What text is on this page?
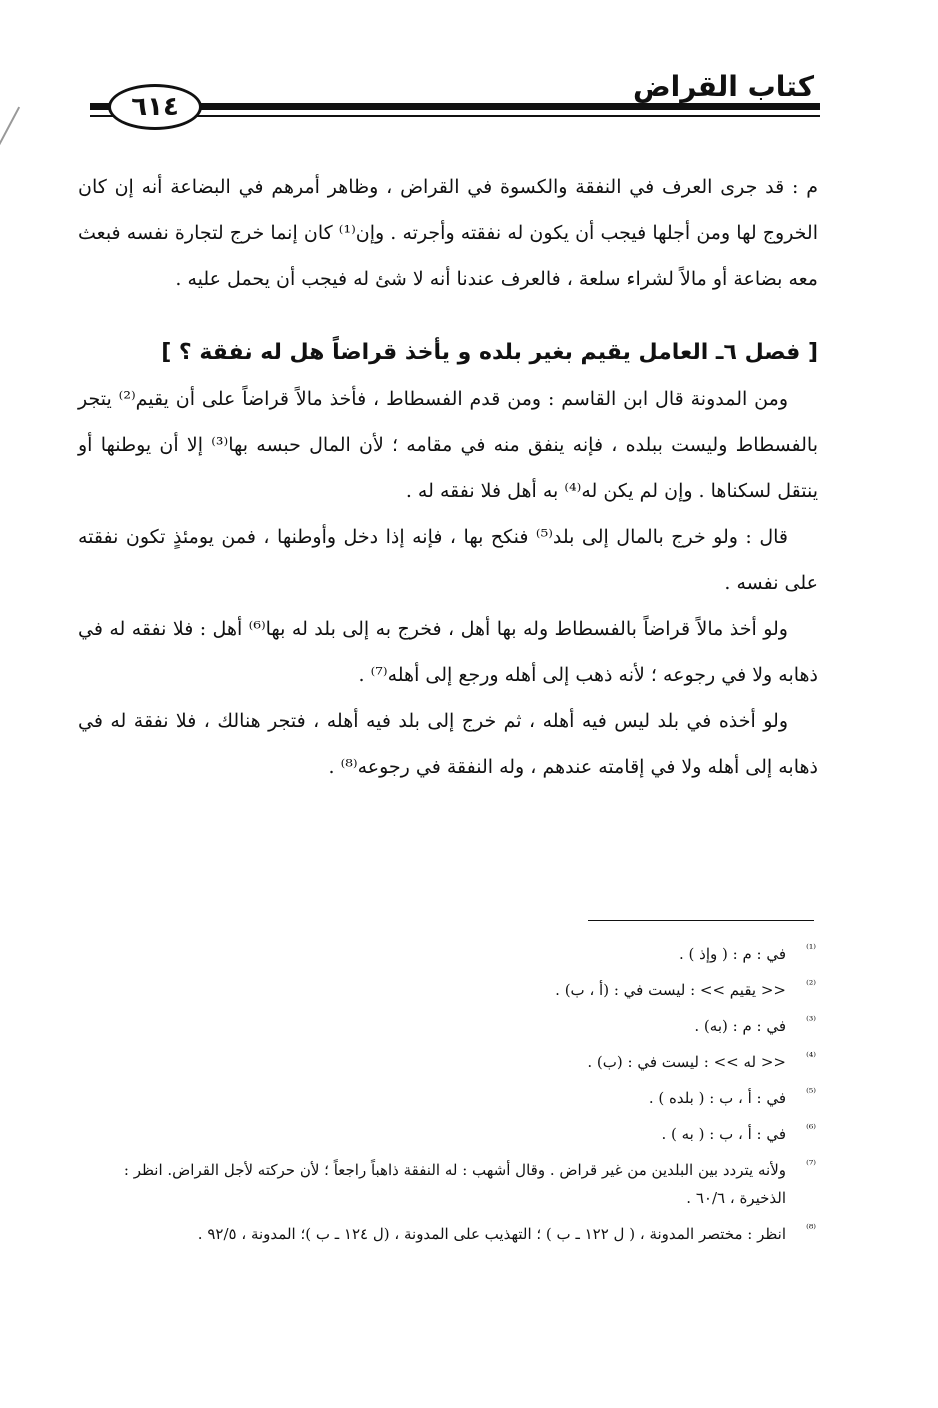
كتاب القراض
٦١٤

م : قد جرى العرف في النفقة والكسوة في القراض ، وظاهر أمرهم في البضاعة أنه إن كان الخروج لها ومن أجلها فيجب أن يكون له نفقته وأجرته . وإن⁽¹⁾ كان إنما خرج لتجارة نفسه فبعث معه بضاعة أو مالاً لشراء سلعة ، فالعرف عندنا أنه لا شئ له فيجب أن يحمل عليه .

[ فصل ٦ـ العامل يقيم بغير بلده و يأخذ قراضاً هل له نفقة ؟ ]

ومن المدونة قال ابن القاسم : ومن قدم الفسطاط ، فأخذ مالاً قراضاً على أن يقيم⁽²⁾ يتجر بالفسطاط وليست ببلده ، فإنه ينفق منه في مقامه ؛ لأن المال حبسه بها⁽³⁾ إلا أن يوطنها أو ينتقل لسكناها . وإن لم يكن له⁽⁴⁾ به أهل فلا نفقه له .

قال : ولو خرج بالمال إلى بلد⁽⁵⁾ فنكح بها ، فإنه إذا دخل وأوطنها ، فمن يومئذٍ تكون نفقته على نفسه .

ولو أخذ مالاً قراضاً بالفسطاط وله بها أهل ، فخرج به إلى بلد له بها⁽⁶⁾ أهل : فلا نفقه له في ذهابه ولا في رجوعه ؛ لأنه ذهب إلى أهله ورجع إلى أهله⁽⁷⁾ .

ولو أخذه في بلد ليس فيه أهله ، ثم خرج إلى بلد فيه أهله ، فتجر هنالك ، فلا نفقة له في ذهابه إلى أهله ولا في إقامته عندهم ، وله النفقة في رجوعه⁽⁸⁾ .

⁽¹⁾
في : م : ( وإذ ) .
⁽²⁾
<< يقيم >> : ليست في : (أ ، ب) .
⁽³⁾
في : م : (به) .
⁽⁴⁾
<< له >> : ليست في : (ب) .
⁽⁵⁾
في : أ ، ب : ( بلده ) .
⁽⁶⁾
في : أ ، ب : ( به ) .
⁽⁷⁾
ولأنه يتردد بين البلدين من غير قراض . وقال أشهب : له النفقة ذاهباً راجعاً ؛ لأن حركته لأجل القراض. انظر : الذخيرة ، ٦٠/٦ .
⁽⁸⁾
انظر : مختصر المدونة ، ( ل ١٢٢ ـ ب ) ؛ التهذيب على المدونة ، (ل ١٢٤ ـ ب )؛ المدونة ، ٩٢/٥ .
